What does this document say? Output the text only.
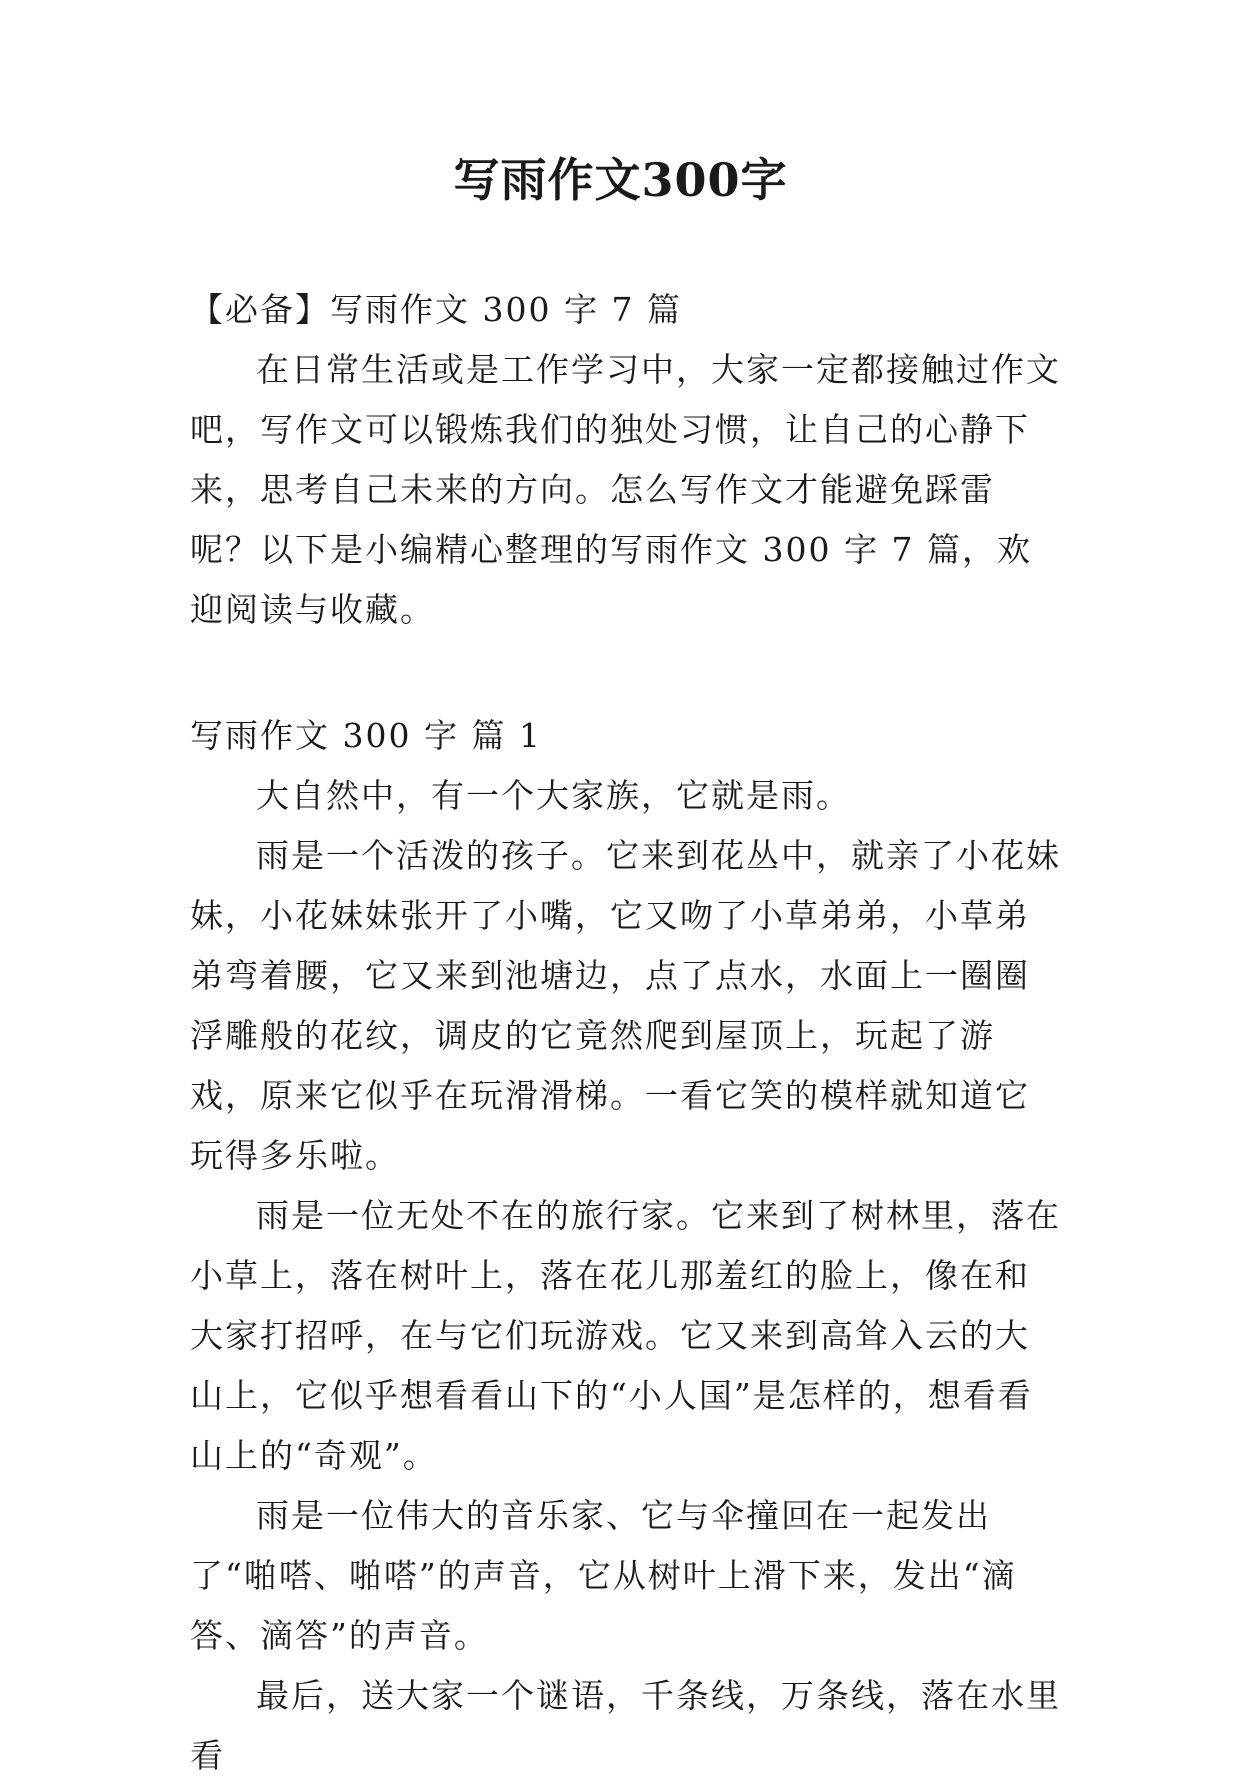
写雨作文300字

【必备】写雨作文 300 字 7 篇

在日常生活或是工作学习中，大家一定都接触过作文吧，写作文可以锻炼我们的独处习惯，让自己的心静下来，思考自己未来的方向。怎么写作文才能避免踩雷呢？以下是小编精心整理的写雨作文 300 字 7 篇，欢迎阅读与收藏。

写雨作文 300 字 篇 1

大自然中，有一个大家族，它就是雨。

雨是一个活泼的孩子。它来到花丛中，就亲了小花妹妹，小花妹妹张开了小嘴，它又吻了小草弟弟，小草弟弟弯着腰，它又来到池塘边，点了点水，水面上一圈圈浮雕般的花纹，调皮的它竟然爬到屋顶上，玩起了游戏，原来它似乎在玩滑滑梯。一看它笑的模样就知道它玩得多乐啦。

雨是一位无处不在的旅行家。它来到了树林里，落在小草上，落在树叶上，落在花儿那羞红的脸上，像在和大家打招呼，在与它们玩游戏。它又来到高耸入云的大山上，它似乎想看看山下的“小人国”是怎样的，想看看山上的“奇观”。

雨是一位伟大的音乐家、它与伞撞回在一起发出了“啪嗒、啪嗒”的声音，它从树叶上滑下来，发出“滴答、滴答”的声音。

最后，送大家一个谜语，千条线，万条线，落在水里看
